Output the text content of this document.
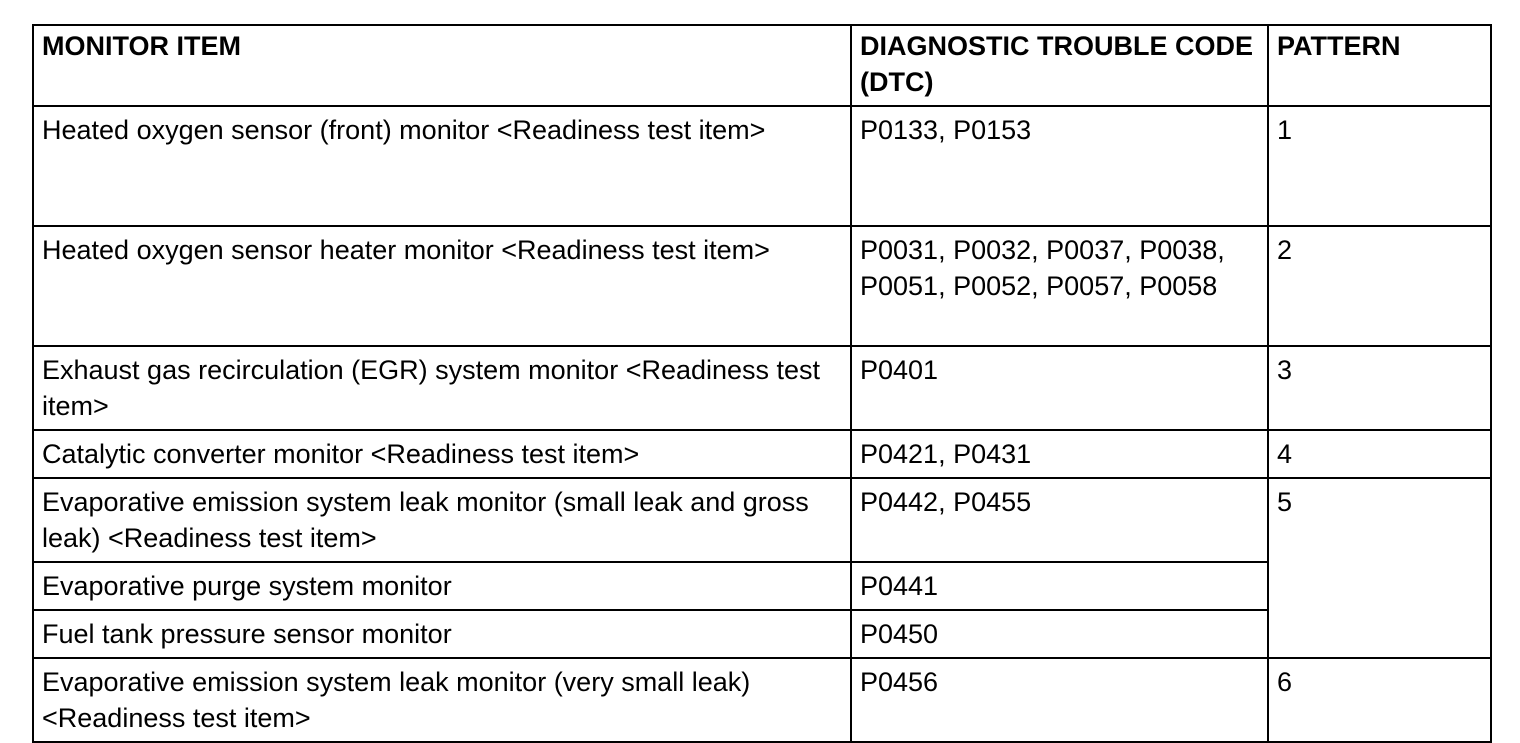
MONITOR ITEM	DIAGNOSTIC TROUBLE CODE (DTC)	PATTERN
Heated oxygen sensor (front) monitor <Readiness test item>	P0133, P0153	1
Heated oxygen sensor heater monitor <Readiness test item>	P0031, P0032, P0037, P0038, P0051, P0052, P0057, P0058	2
Exhaust gas recirculation (EGR) system monitor <Readiness test item>	P0401	3
Catalytic converter monitor <Readiness test item>	P0421, P0431	4
Evaporative emission system leak monitor (small leak and gross leak) <Readiness test item>	P0442, P0455	5
Evaporative purge system monitor	P0441	
Fuel tank pressure sensor monitor	P0450	
Evaporative emission system leak monitor (very small leak) <Readiness test item>	P0456	6
